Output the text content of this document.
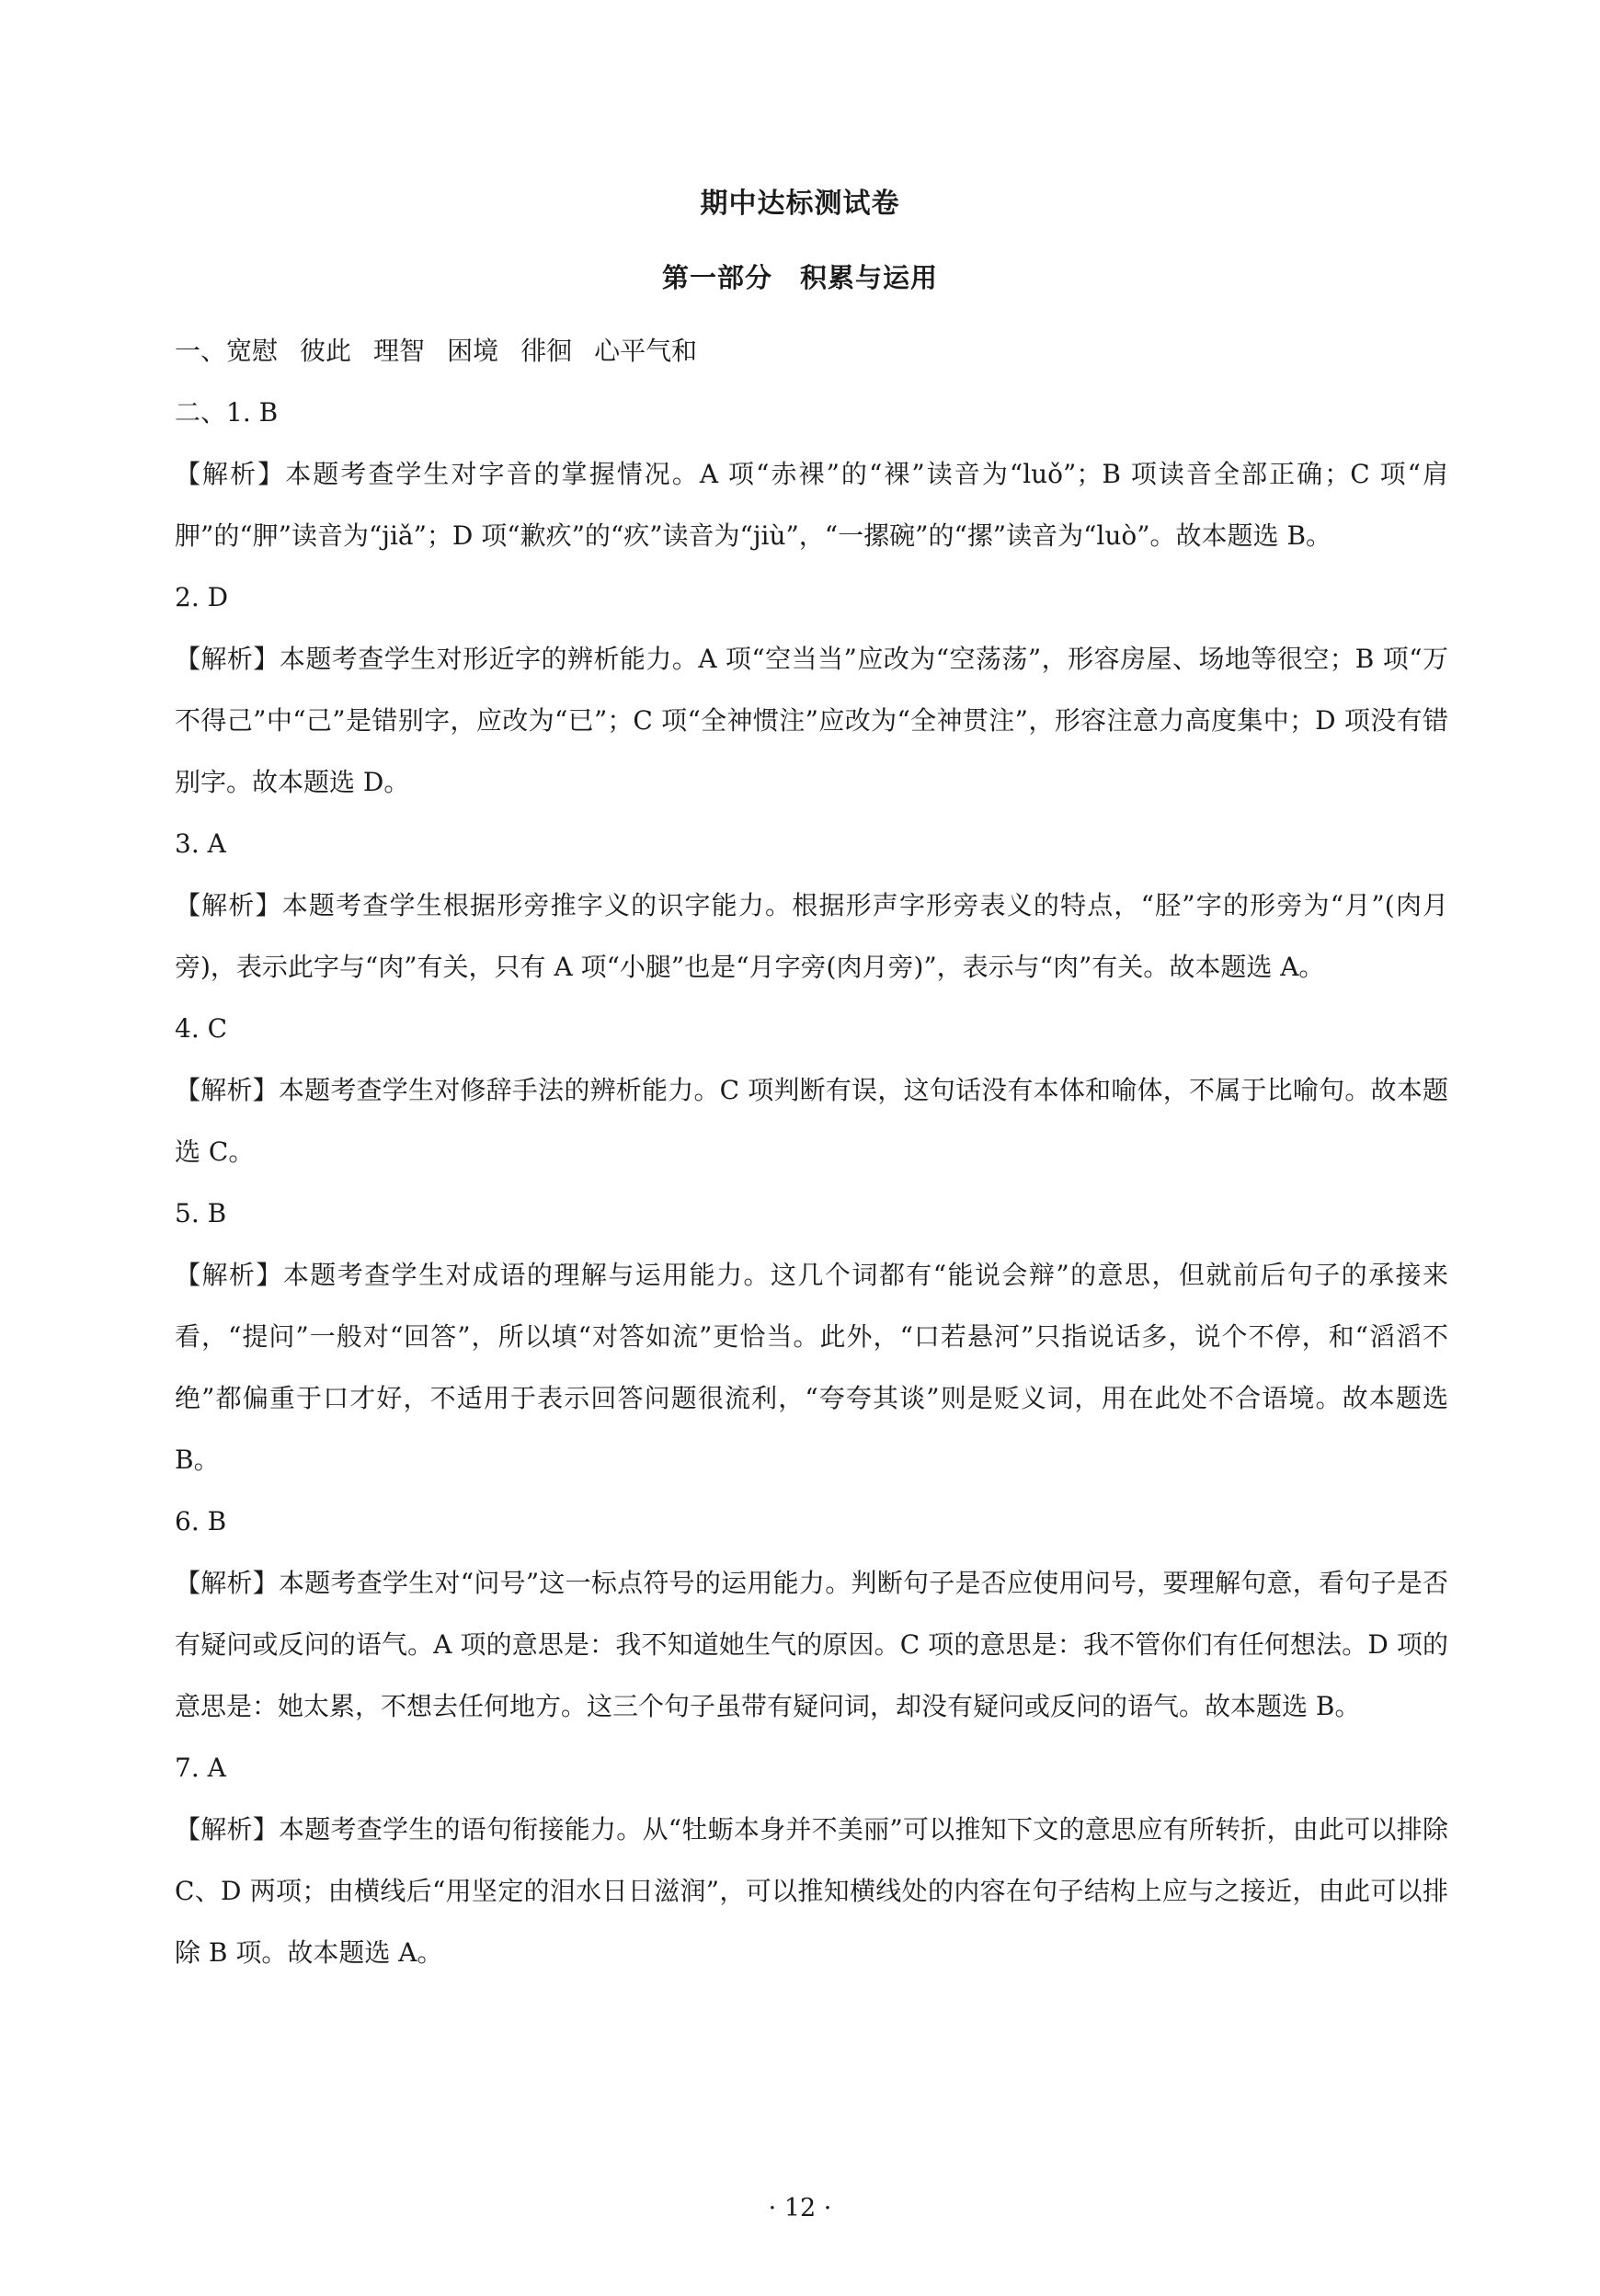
期中达标测试卷
第一部分　积累与运用
一、宽慰 彼此 理智 困境 徘徊 心平气和
二、1. B
【解析】本题考查学生对字音的掌握情况。A 项“赤裸”的“裸”读音为“luǒ”；B 项读音全部正确；C 项“肩胛”的“胛”读音为“jiǎ”；D 项“歉疚”的“疚”读音为“jiù”，“一摞碗”的“摞”读音为“luò”。故本题选 B。
2. D
【解析】本题考查学生对形近字的辨析能力。A 项“空当当”应改为“空荡荡”，形容房屋、场地等很空；B 项“万不得己”中“己”是错别字，应改为“已”；C 项“全神惯注”应改为“全神贯注”，形容注意力高度集中；D 项没有错别字。故本题选 D。
3. A
【解析】本题考查学生根据形旁推字义的识字能力。根据形声字形旁表义的特点，“胫”字的形旁为“月”(肉月旁)，表示此字与“肉”有关，只有 A 项“小腿”也是“月字旁(肉月旁)”，表示与“肉”有关。故本题选 A。
4. C
【解析】本题考查学生对修辞手法的辨析能力。C 项判断有误，这句话没有本体和喻体，不属于比喻句。故本题选 C。
5. B
【解析】本题考查学生对成语的理解与运用能力。这几个词都有“能说会辩”的意思，但就前后句子的承接来看，“提问”一般对“回答”，所以填“对答如流”更恰当。此外，“口若悬河”只指说话多，说个不停，和“滔滔不绝”都偏重于口才好，不适用于表示回答问题很流利，“夸夸其谈”则是贬义词，用在此处不合语境。故本题选 B。
6. B
【解析】本题考查学生对“问号”这一标点符号的运用能力。判断句子是否应使用问号，要理解句意，看句子是否有疑问或反问的语气。A 项的意思是：我不知道她生气的原因。C 项的意思是：我不管你们有任何想法。D 项的意思是：她太累，不想去任何地方。这三个句子虽带有疑问词，却没有疑问或反问的语气。故本题选 B。
7. A
【解析】本题考查学生的语句衔接能力。从“牡蛎本身并不美丽”可以推知下文的意思应有所转折，由此可以排除 C、D 两项；由横线后“用坚定的泪水日日滋润”，可以推知横线处的内容在句子结构上应与之接近，由此可以排除 B 项。故本题选 A。
· 12 ·
